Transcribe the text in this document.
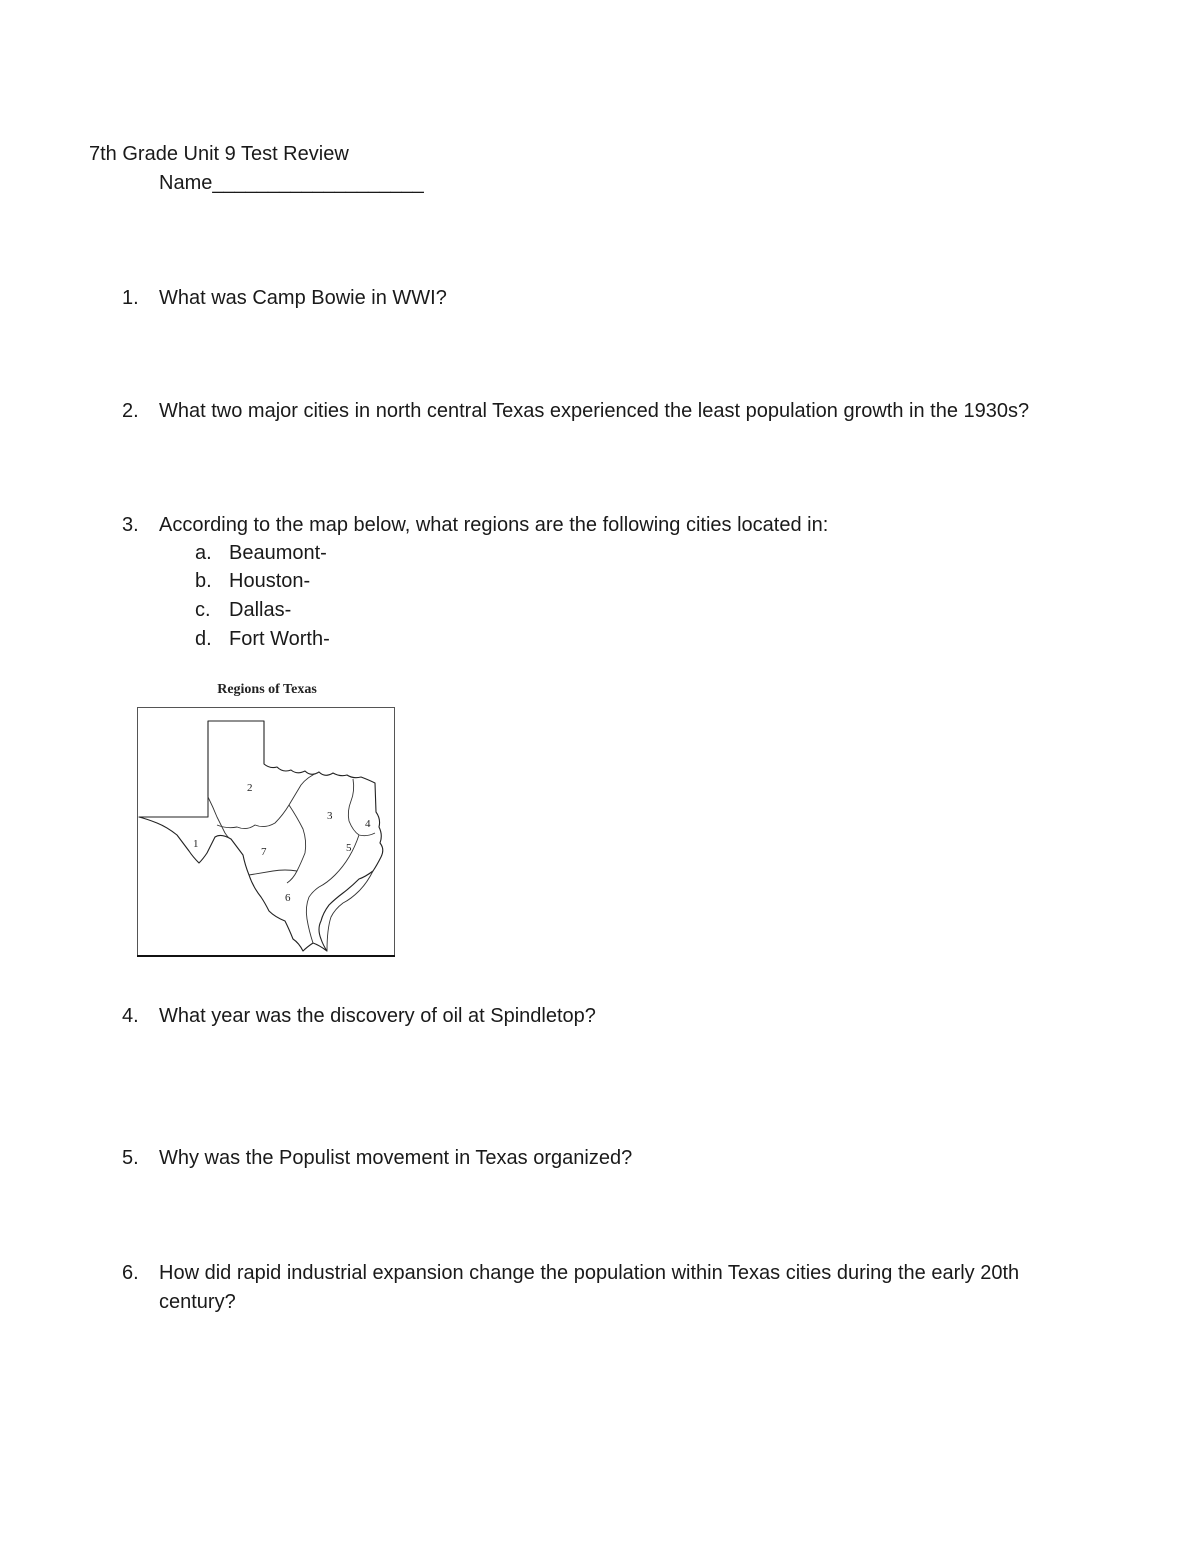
7th Grade Unit 9 Test Review
Name___________________
1.	What was Camp Bowie in WWI?
2.	What two major cities in north central Texas experienced the least population growth in the 1930s?
3.	According to the map below, what regions are the following cities located in:
a. Beaumont-
b. Houston-
c. Dallas-
d. Fort Worth-
Regions of Texas
1
2
3
4
5
6
7
4.	What year was the discovery of oil at Spindletop?
5.	Why was the Populist movement in Texas organized?
6.	How did rapid industrial expansion change the population within Texas cities during the early 20th
century?
